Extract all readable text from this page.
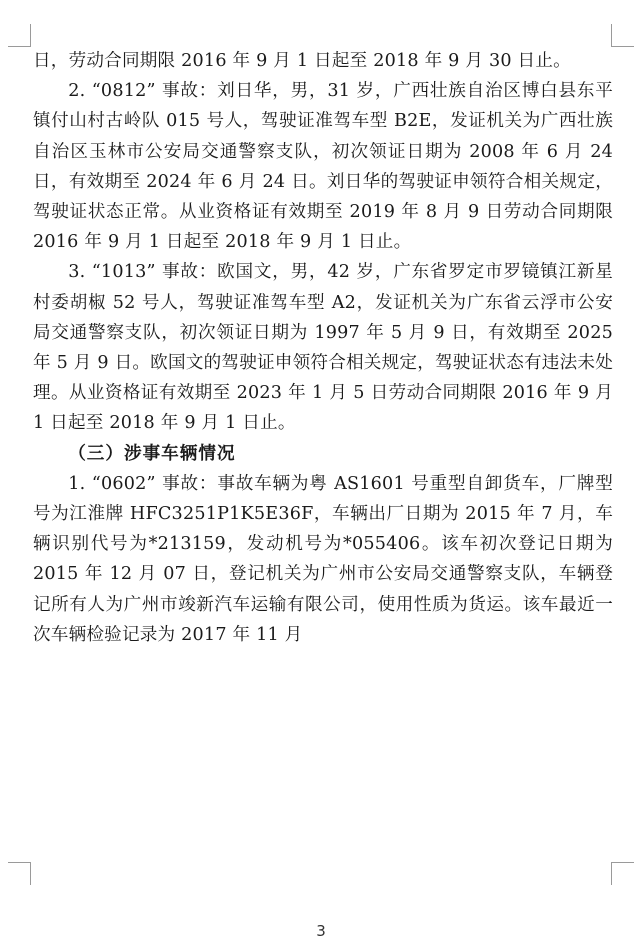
日，劳动合同期限 2016 年 9 月 1 日起至 2018 年 9 月 30 日止。

2. “0812” 事故：刘日华，男，31 岁，广西壮族自治区博白县东平镇付山村古岭队 015 号人，驾驶证准驾车型 B2E，发证机关为广西壮族自治区玉林市公安局交通警察支队，初次领证日期为 2008 年 6 月 24 日，有效期至 2024 年 6 月 24 日。刘日华的驾驶证申领符合相关规定，驾驶证状态正常。从业资格证有效期至 2019 年 8 月 9 日劳动合同期限 2016 年 9 月 1 日起至 2018 年 9 月 1 日止。

3. “1013” 事故：欧国文，男，42 岁，广东省罗定市罗镜镇江新星村委胡椒 52 号人，驾驶证准驾车型 A2，发证机关为广东省云浮市公安局交通警察支队，初次领证日期为 1997 年 5 月 9 日，有效期至 2025 年 5 月 9 日。欧国文的驾驶证申领符合相关规定，驾驶证状态有违法未处理。从业资格证有效期至 2023 年 1 月 5 日劳动合同期限 2016 年 9 月 1 日起至 2018 年 9 月 1 日止。

（三）涉事车辆情况

1. “0602” 事故：事故车辆为粤 AS1601 号重型自卸货车，厂牌型号为江淮牌 HFC3251P1K5E36F，车辆出厂日期为 2015 年 7 月，车辆识别代号为*213159，发动机号为*055406。该车初次登记日期为 2015 年 12 月 07 日，登记机关为广州市公安局交通警察支队，车辆登记所有人为广州市竣新汽车运输有限公司，使用性质为货运。该车最近一次车辆检验记录为 2017 年 11 月

3
